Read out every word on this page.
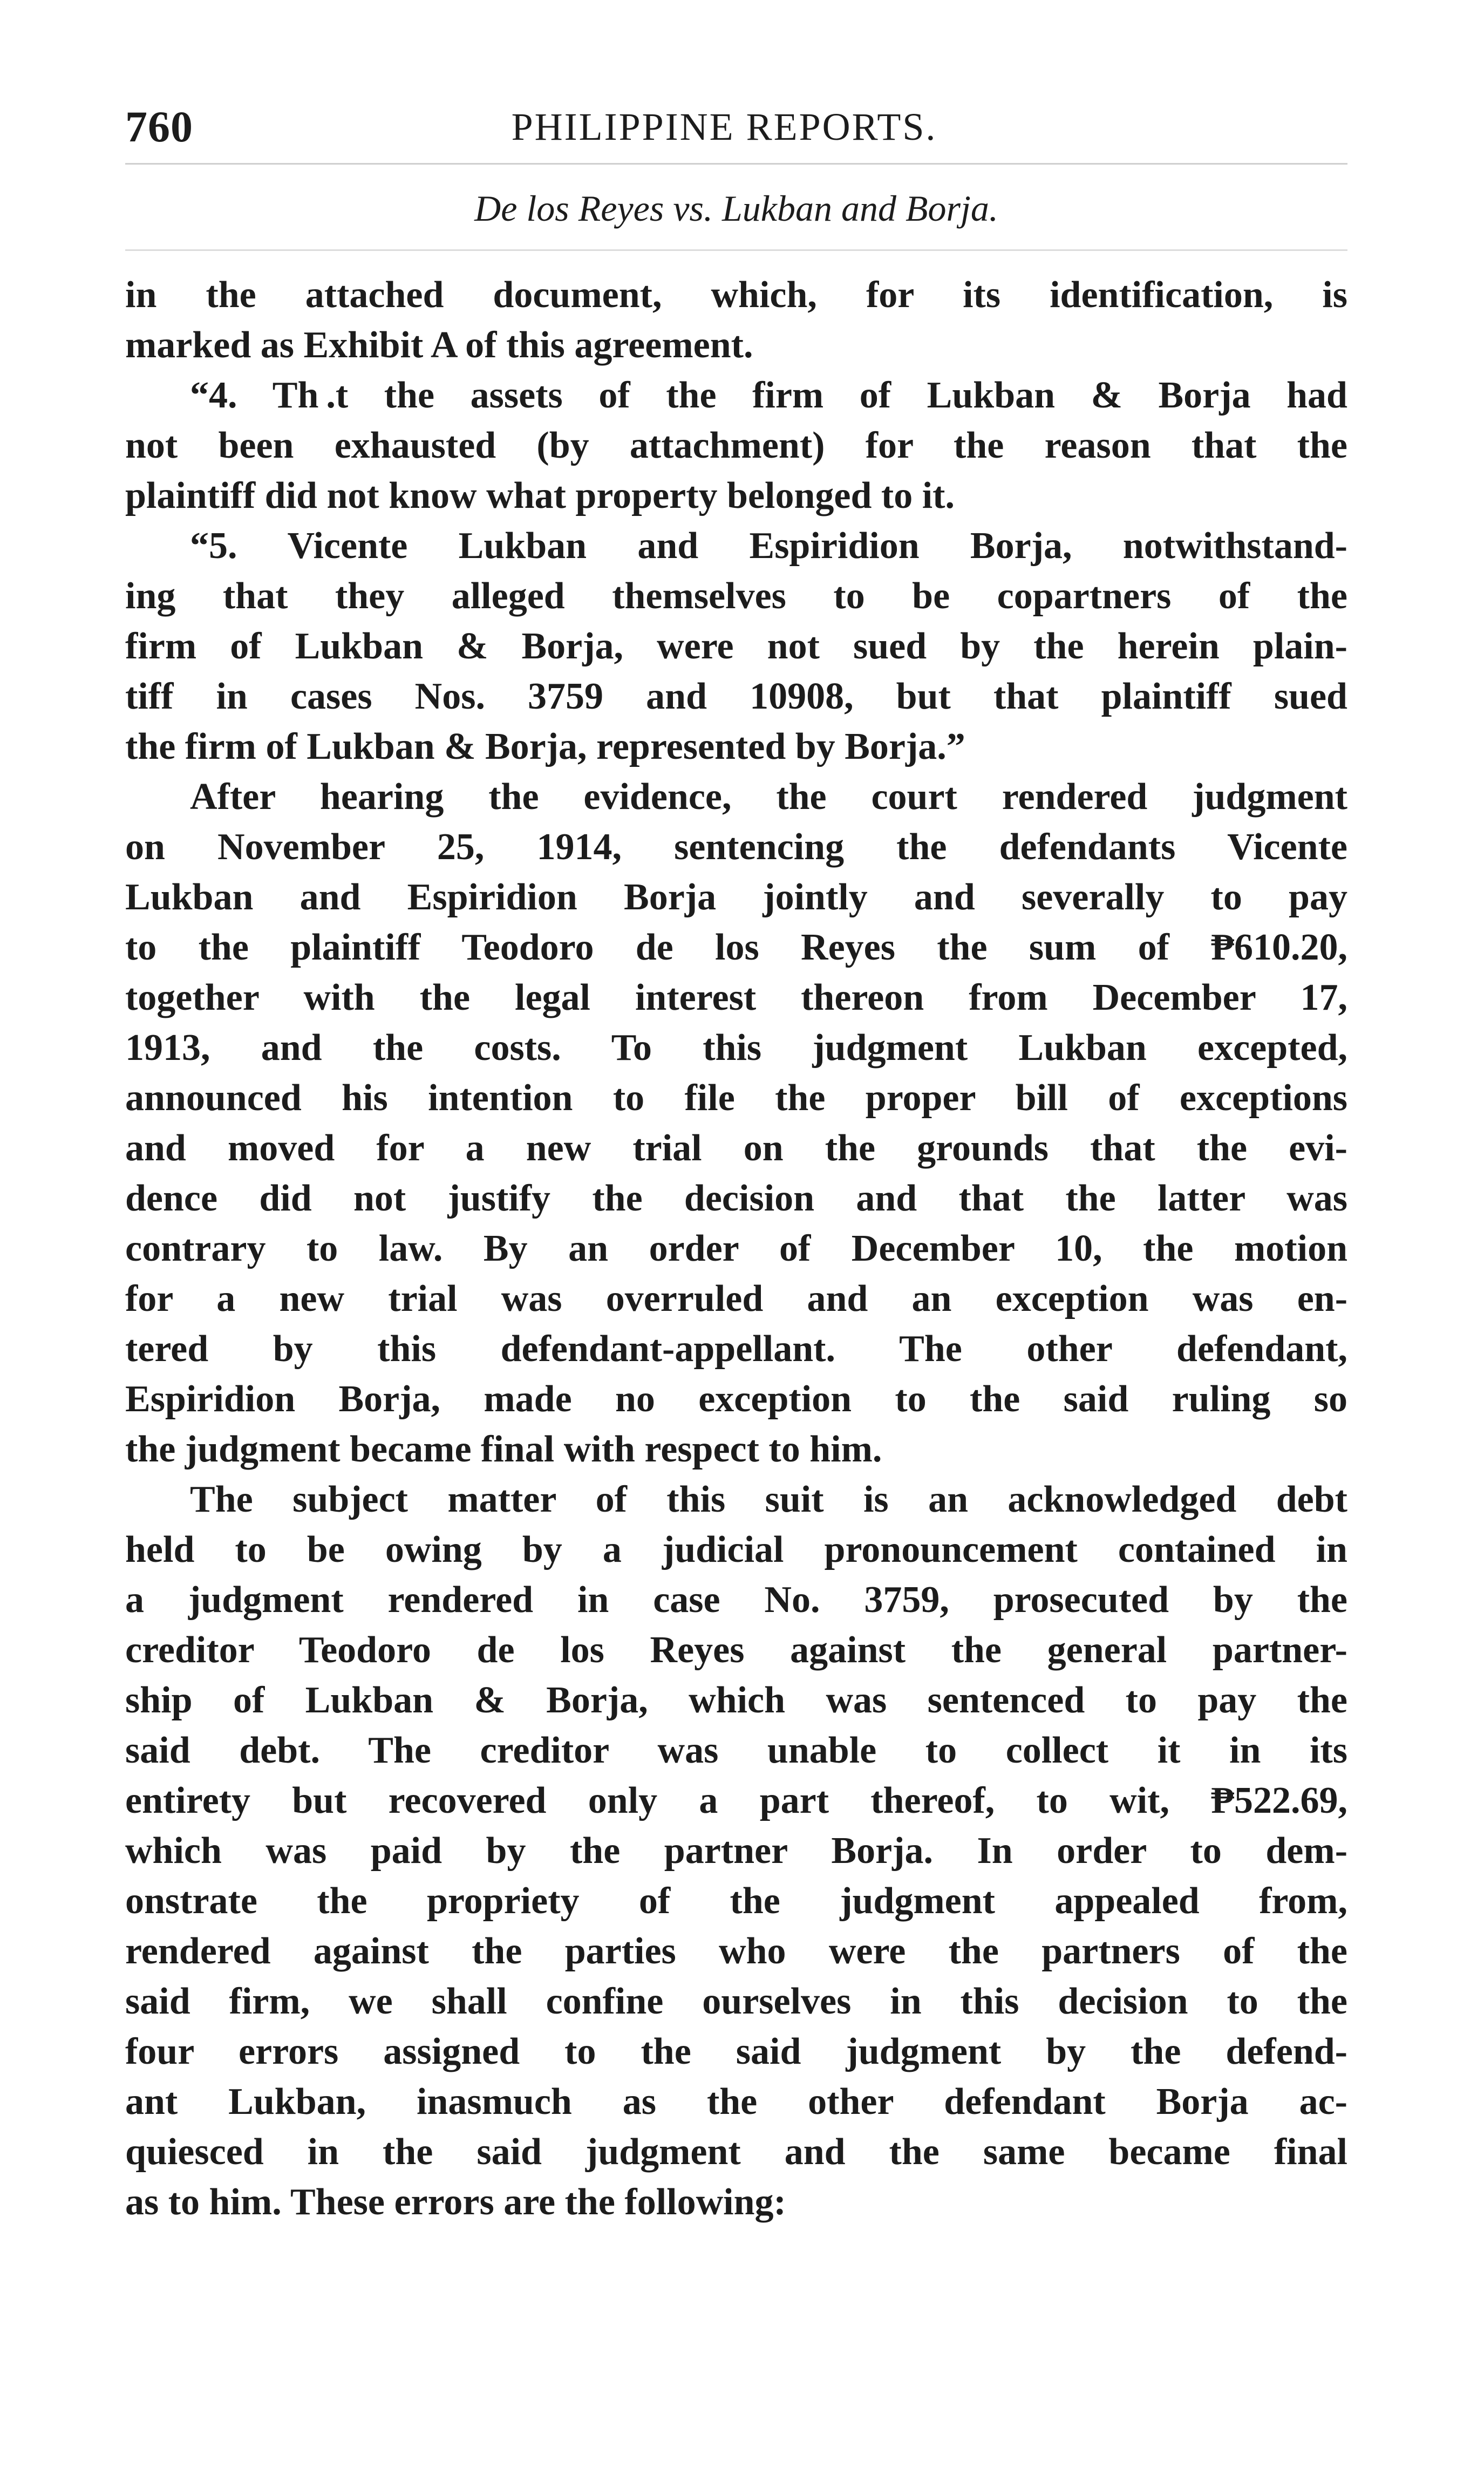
760	PHILIPPINE REPORTS.
De los Reyes vs. Lukban and Borja.
in the attached document, which, for its identification, is
marked as Exhibit A of this agreement.
“4. Th .t the assets of the firm of Lukban & Borja had
not been exhausted (by attachment) for the reason that the
plaintiff did not know what property belonged to it.
“5. Vicente Lukban and Espiridion Borja, notwithstand-
ing that they alleged themselves to be copartners of the
firm of Lukban & Borja, were not sued by the herein plain-
tiff in cases Nos. 3759 and 10908, but that plaintiff sued
the firm of Lukban & Borja, represented by Borja.”
After hearing the evidence, the court rendered judgment
on November 25, 1914, sentencing the defendants Vicente
Lukban and Espiridion Borja jointly and severally to pay
to the plaintiff Teodoro de los Reyes the sum of ₱610.20,
together with the legal interest thereon from December 17,
1913, and the costs. To this judgment Lukban excepted,
announced his intention to file the proper bill of exceptions
and moved for a new trial on the grounds that the evi-
dence did not justify the decision and that the latter was
contrary to law. By an order of December 10, the motion
for a new trial was overruled and an exception was en-
tered by this defendant-appellant. The other defendant,
Espiridion Borja, made no exception to the said ruling so
the judgment became final with respect to him.
The subject matter of this suit is an acknowledged debt
held to be owing by a judicial pronouncement contained in
a judgment rendered in case No. 3759, prosecuted by the
creditor Teodoro de los Reyes against the general partner-
ship of Lukban & Borja, which was sentenced to pay the
said debt. The creditor was unable to collect it in its
entirety but recovered only a part thereof, to wit, ₱522.69,
which was paid by the partner Borja. In order to dem-
onstrate the propriety of the judgment appealed from,
rendered against the parties who were the partners of the
said firm, we shall confine ourselves in this decision to the
four errors assigned to the said judgment by the defend-
ant Lukban, inasmuch as the other defendant Borja ac-
quiesced in the said judgment and the same became final
as to him. These errors are the following:
